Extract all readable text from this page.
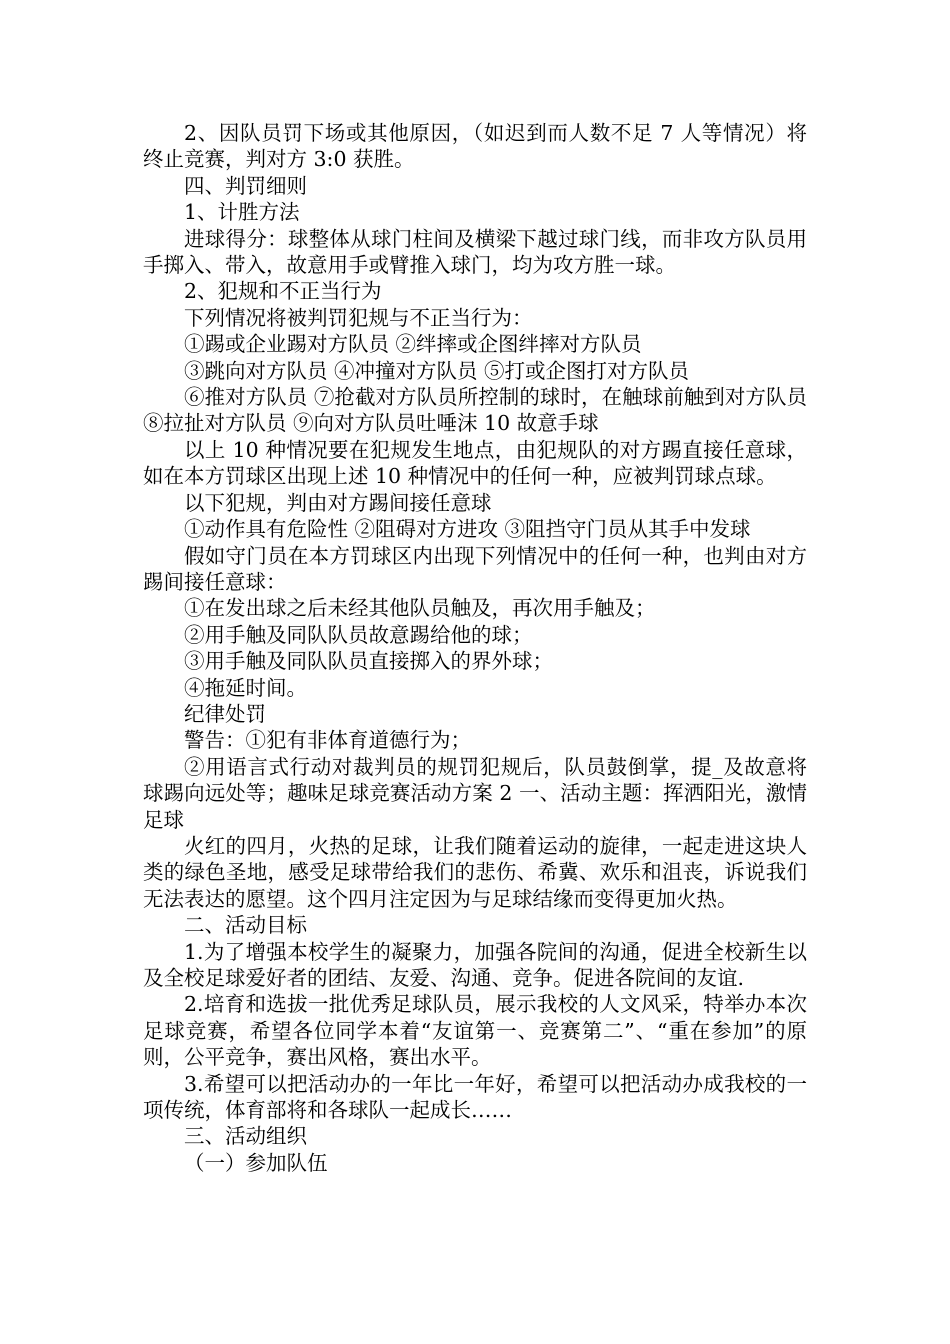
2、因队员罚下场或其他原因，（如迟到而人数不足 7 人等情况）将终止竞赛，判对方 3:0 获胜。

四、判罚细则

1、计胜方法

进球得分：球整体从球门柱间及横梁下越过球门线，而非攻方队员用手掷入、带入，故意用手或臂推入球门，均为攻方胜一球。

2、犯规和不正当行为

下列情况将被判罚犯规与不正当行为：

①踢或企业踢对方队员 ②绊摔或企图绊摔对方队员

③跳向对方队员 ④冲撞对方队员 ⑤打或企图打对方队员

⑥推对方队员 ⑦抢截对方队员所控制的球时，在触球前触到对方队员 ⑧拉扯对方队员 ⑨向对方队员吐唾沫 10 故意手球

以上 10 种情况要在犯规发生地点，由犯规队的对方踢直接任意球，如在本方罚球区出现上述 10 种情况中的任何一种，应被判罚球点球。

以下犯规，判由对方踢间接任意球

①动作具有危险性 ②阻碍对方进攻 ③阻挡守门员从其手中发球

假如守门员在本方罚球区内出现下列情况中的任何一种，也判由对方踢间接任意球：

①在发出球之后未经其他队员触及，再次用手触及；

②用手触及同队队员故意踢给他的球；

③用手触及同队队员直接掷入的界外球；

④拖延时间。

纪律处罚

警告：①犯有非体育道德行为；

②用语言式行动对裁判员的规罚犯规后，队员鼓倒掌，提_及故意将球踢向远处等；趣味足球竞赛活动方案 2 一、活动主题：挥洒阳光，激情足球

火红的四月，火热的足球，让我们随着运动的旋律，一起走进这块人类的绿色圣地，感受足球带给我们的悲伤、希冀、欢乐和沮丧，诉说我们无法表达的愿望。这个四月注定因为与足球结缘而变得更加火热。

二、活动目标

1.为了增强本校学生的凝聚力，加强各院间的沟通，促进全校新生以及全校足球爱好者的团结、友爱、沟通、竞争。促进各院间的友谊.

2.培育和选拔一批优秀足球队员，展示我校的人文风采，特举办本次足球竞赛，希望各位同学本着“友谊第一、竞赛第二”、“重在参加”的原则，公平竞争，赛出风格，赛出水平。

3.希望可以把活动办的一年比一年好，希望可以把活动办成我校的一项传统，体育部将和各球队一起成长……

三、活动组织

（一）参加队伍
